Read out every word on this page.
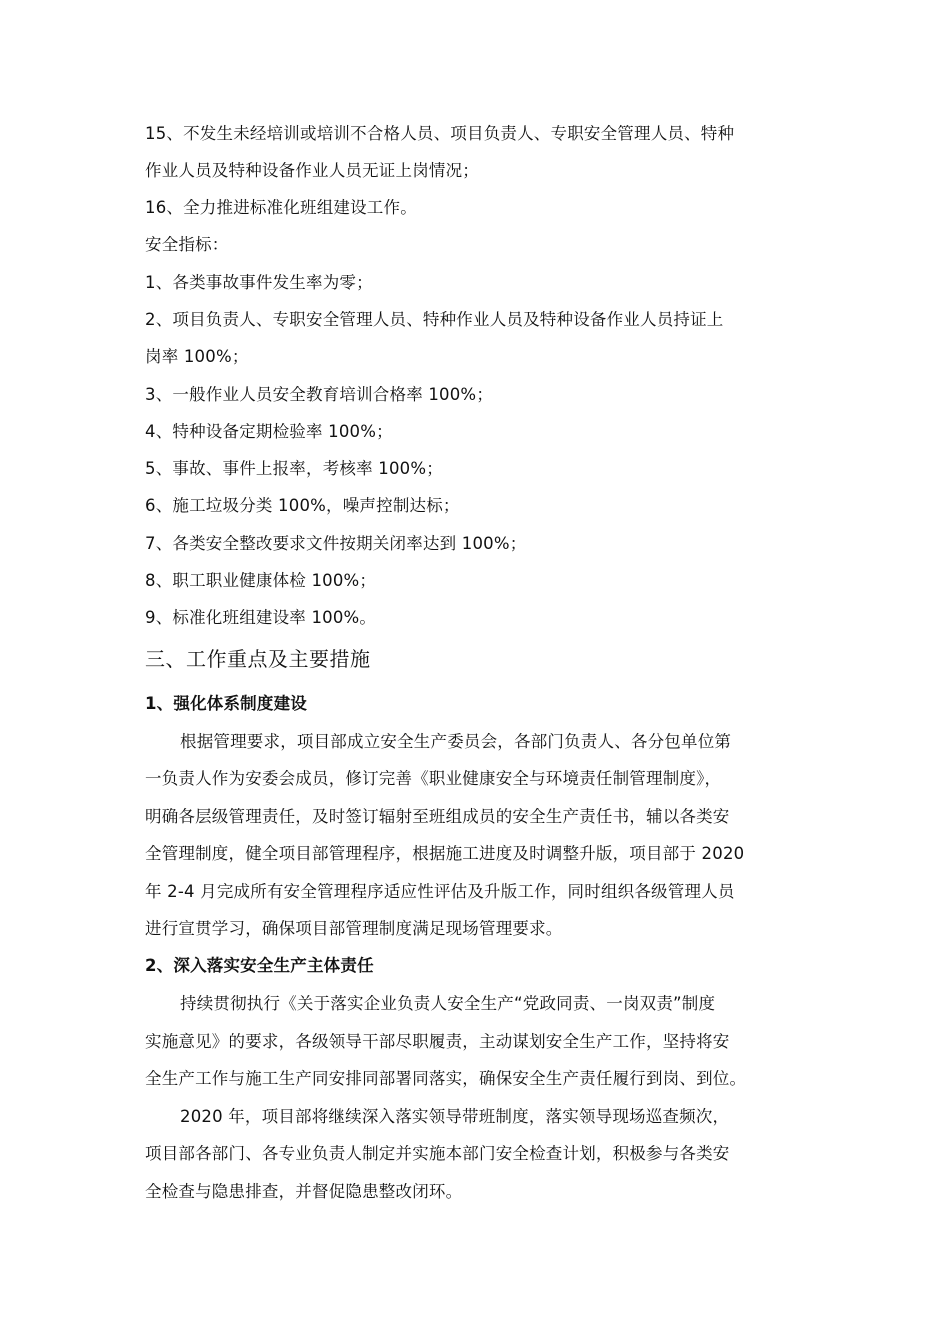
15、不发生未经培训或培训不合格人员、项目负责人、专职安全管理人员、特种
作业人员及特种设备作业人员无证上岗情况；
16、全力推进标准化班组建设工作。
安全指标：
1、各类事故事件发生率为零；
2、项目负责人、专职安全管理人员、特种作业人员及特种设备作业人员持证上
岗率 100%；
3、一般作业人员安全教育培训合格率 100%；
4、特种设备定期检验率 100%；
5、事故、事件上报率，考核率 100%；
6、施工垃圾分类 100%，噪声控制达标；
7、各类安全整改要求文件按期关闭率达到 100%；
8、职工职业健康体检 100%；
9、标准化班组建设率 100%。
三、工作重点及主要措施
1、强化体系制度建设
根据管理要求，项目部成立安全生产委员会，各部门负责人、各分包单位第
一负责人作为安委会成员，修订完善《职业健康安全与环境责任制管理制度》，
明确各层级管理责任，及时签订辐射至班组成员的安全生产责任书，辅以各类安
全管理制度，健全项目部管理程序，根据施工进度及时调整升版，项目部于 2020
年 2-4 月完成所有安全管理程序适应性评估及升版工作，同时组织各级管理人员
进行宣贯学习，确保项目部管理制度满足现场管理要求。
2、深入落实安全生产主体责任
持续贯彻执行《关于落实企业负责人安全生产“党政同责、一岗双责”制度
实施意见》的要求，各级领导干部尽职履责，主动谋划安全生产工作，坚持将安
全生产工作与施工生产同安排同部署同落实，确保安全生产责任履行到岗、到位。
2020 年，项目部将继续深入落实领导带班制度，落实领导现场巡查频次，
项目部各部门、各专业负责人制定并实施本部门安全检查计划，积极参与各类安
全检查与隐患排查，并督促隐患整改闭环。
